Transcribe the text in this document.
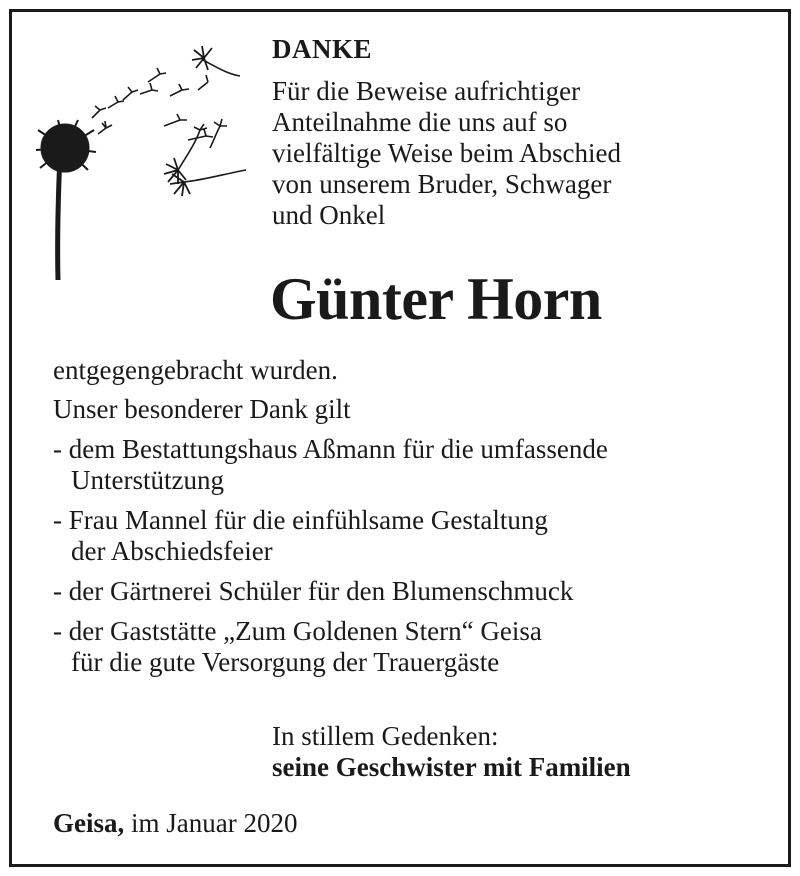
DANKE
Für die Beweise aufrichtiger
Anteilnahme die uns auf so
vielfältige Weise beim Abschied
von unserem Bruder, Schwager
und Onkel
Günter Horn
entgegengebracht wurden.
Unser besonderer Dank gilt
- dem Bestattungshaus Aßmann für die umfassende
Unterstützung
- Frau Mannel für die einfühlsame Gestaltung
der Abschiedsfeier
- der Gärtnerei Schüler für den Blumenschmuck
- der Gaststätte „Zum Goldenen Stern“ Geisa
für die gute Versorgung der Trauergäste
In stillem Gedenken:
seine Geschwister mit Familien
Geisa, im Januar 2020
